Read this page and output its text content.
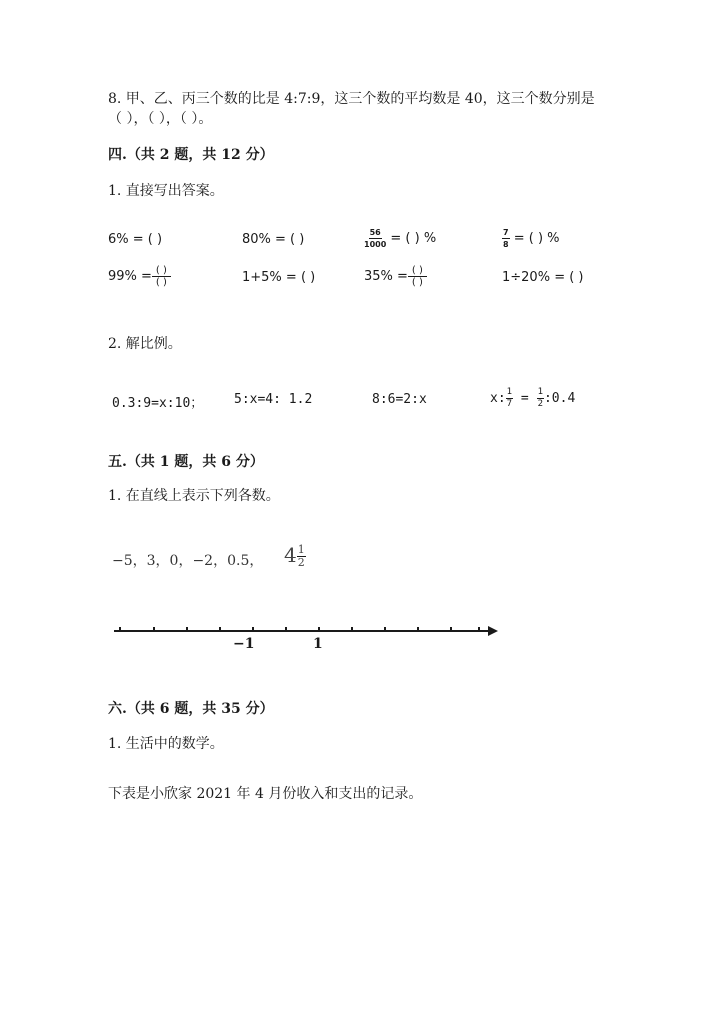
8. 甲、乙、丙三个数的比是 4:7:9，这三个数的平均数是 40，这三个数分别是
（ ），（ ），（ ）。
四.（共 2 题，共 12 分）
1. 直接写出答案。
6% = ( )	80% = ( )	$\frac{56}{1000}$ = ( ) %	$\frac{7}{8}$ = ( ) %
$99\% = \frac{( )}{( )}$	1+5% = ( )	$35\% = \frac{( )}{( )}$	1÷20% = ( )
2. 解比例。
0.3:9=x:10； 5:x=4: 1.2	8:6=2:x	x: $\frac{1}{7} = \frac{1}{2}$ :0.4
五.（共 1 题，共 6 分）
1. 在直线上表示下列各数。
−5，3，0，−2，0.5， $4 \frac{1}{2}$
−1	1
六.（共 6 题，共 35 分）
1. 生活中的数学。
下表是小欣家 2021 年 4 月份收入和支出的记录。
